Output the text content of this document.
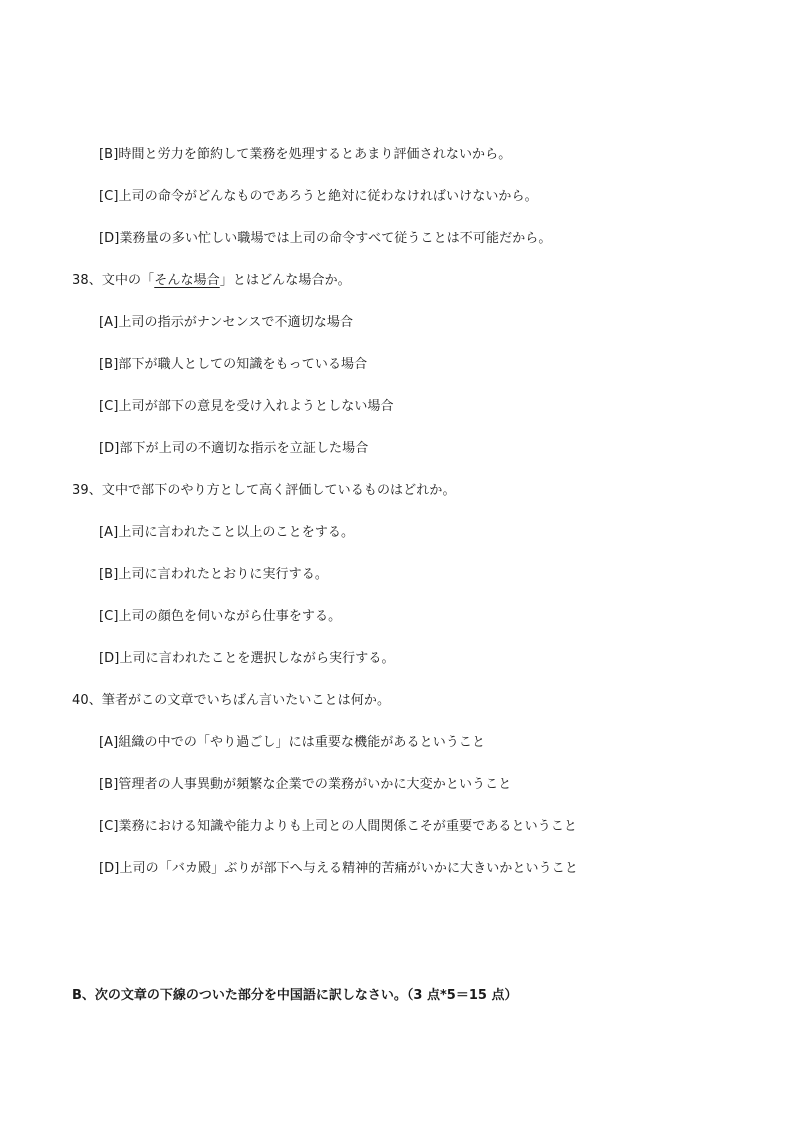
[B]時間と労力を節約して業務を処理するとあまり評価されないから。
[C]上司の命令がどんなものであろうと絶対に従わなければいけないから。
[D]業務量の多い忙しい職場では上司の命令すべて従うことは不可能だから。
38、文中の「そんな場合」とはどんな場合か。
[A]上司の指示がナンセンスで不適切な場合
[B]部下が職人としての知識をもっている場合
[C]上司が部下の意見を受け入れようとしない場合
[D]部下が上司の不適切な指示を立証した場合
39、文中で部下のやり方として高く評価しているものはどれか。
[A]上司に言われたこと以上のことをする。
[B]上司に言われたとおりに実行する。
[C]上司の顔色を伺いながら仕事をする。
[D]上司に言われたことを選択しながら実行する。
40、筆者がこの文章でいちばん言いたいことは何か。
[A]組織の中での「やり過ごし」には重要な機能があるということ
[B]管理者の人事異動が頻繁な企業での業務がいかに大変かということ
[C]業務における知識や能力よりも上司との人間関係こそが重要であるということ
[D]上司の「バカ殿」ぶりが部下へ与える精神的苦痛がいかに大きいかということ
B、次の文章の下線のついた部分を中国語に訳しなさい。（3 点*5＝15 点）
